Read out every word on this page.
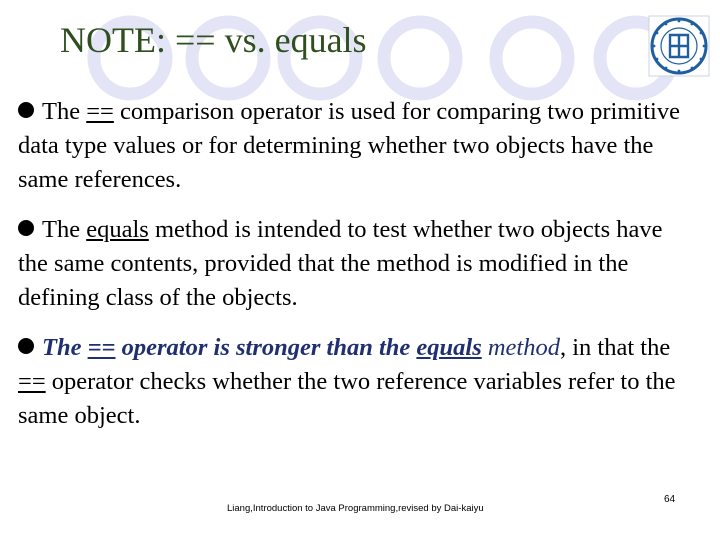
NOTE: == vs. equals
The == comparison operator is used for comparing two primitive data type values or for determining whether two objects have the same references.
The equals method is intended to test whether two objects have the same contents, provided that the method is modified in the defining class of the objects.
The == operator is stronger than the equals method, in that the == operator checks whether the two reference variables refer to the same object.
Liang,Introduction to Java Programming,revised by Dai-kaiyu
64
